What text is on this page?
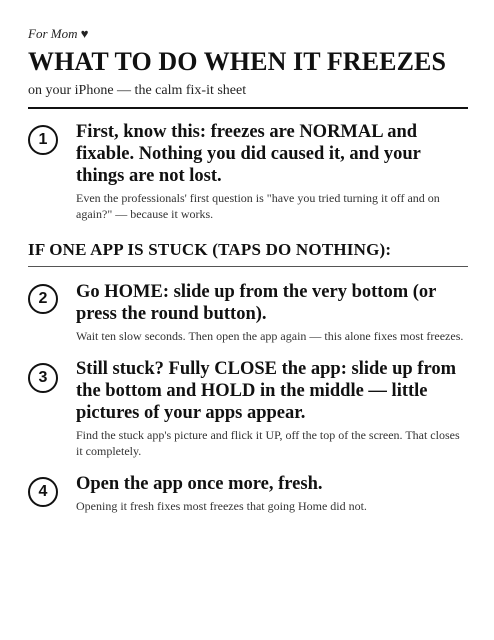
For Mom ♥
WHAT TO DO WHEN IT FREEZES
on your iPhone — the calm fix-it sheet
1	First, know this: freezes are NORMAL and fixable. Nothing you did caused it, and your things are not lost.
Even the professionals' first question is "have you tried turning it off and on again?" — because it works.
IF ONE APP IS STUCK (TAPS DO NOTHING):
2	Go HOME: slide up from the very bottom (or press the round button).
Wait ten slow seconds. Then open the app again — this alone fixes most freezes.
3	Still stuck? Fully CLOSE the app: slide up from the bottom and HOLD in the middle — little pictures of your apps appear.
Find the stuck app's picture and flick it UP, off the top of the screen. That closes it completely.
4	Open the app once more, fresh.
Opening it fresh fixes most freezes that going Home did not.
